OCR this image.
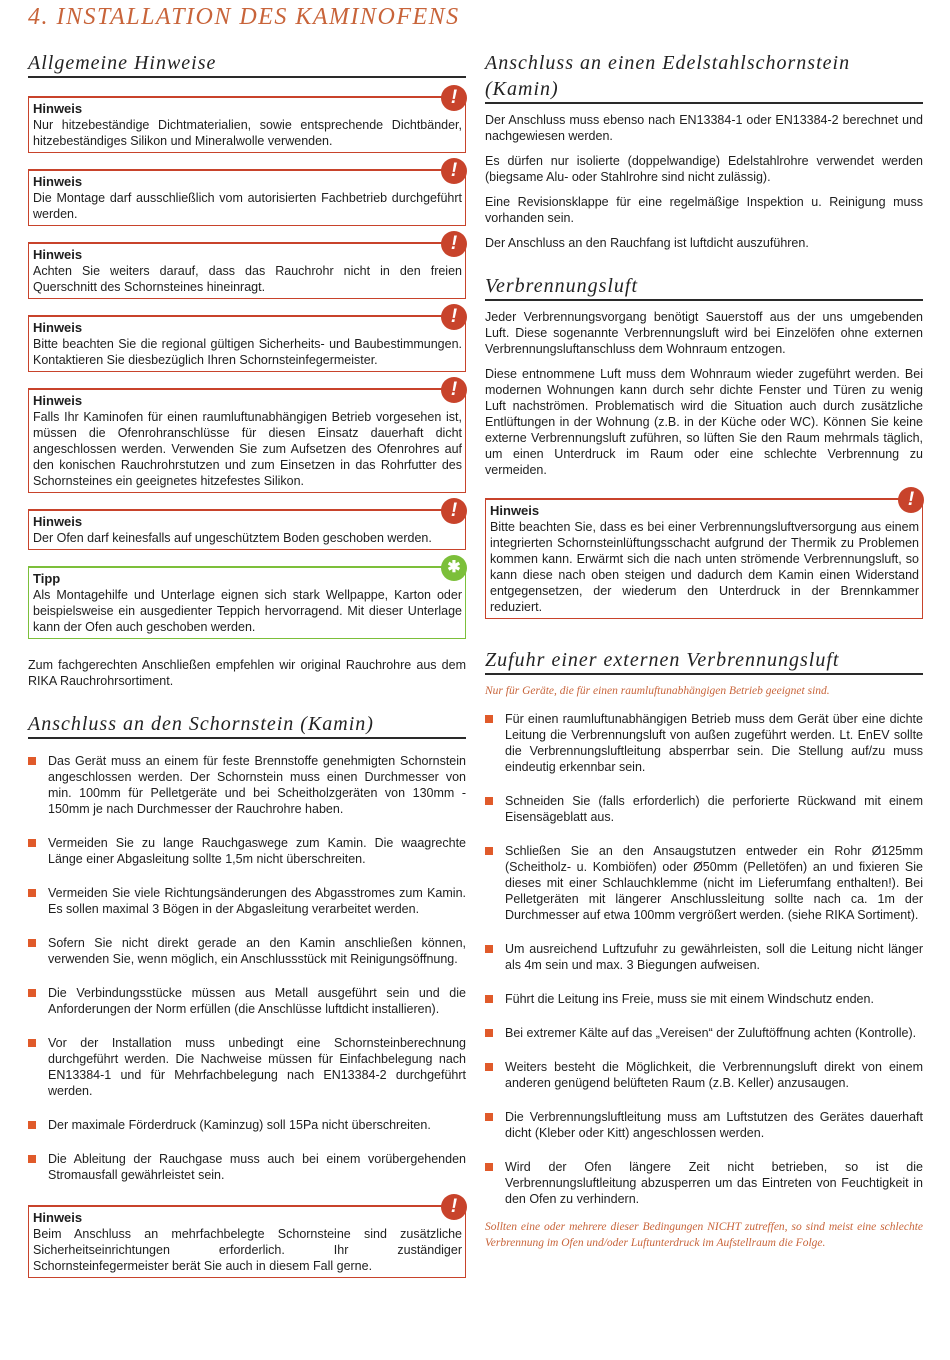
4. INSTALLATION DES KAMINOFENS
Allgemeine Hinweise
!
Hinweis
Nur hitzebeständige Dichtmaterialien, sowie entsprechende Dichtbänder, hitzebeständiges Silikon und Mineralwolle verwenden.
!
Hinweis
Die Montage darf ausschließlich vom autorisierten Fachbetrieb durchgeführt werden.
!
Hinweis
Achten Sie weiters darauf, dass das Rauchrohr nicht in den freien Querschnitt des Schornsteines hineinragt.
!
Hinweis
Bitte beachten Sie die regional gültigen Sicherheits- und Baubestimmungen. Kontaktieren Sie diesbezüglich Ihren Schornsteinfegermeister.
!
Hinweis
Falls Ihr Kaminofen für einen raumluftunabhängigen Betrieb vorgesehen ist, müssen die Ofenrohranschlüsse für diesen Einsatz dauerhaft dicht angeschlossen werden. Verwenden Sie zum Aufsetzen des Ofenrohres auf den konischen Rauchrohrstutzen und zum Einsetzen in das Rohrfutter des Schornsteines ein geeignetes hitzefestes Silikon.
!
Hinweis
Der Ofen darf keinesfalls auf ungeschütztem Boden geschoben werden.
✱
Tipp
Als Montagehilfe und Unterlage eignen sich stark Wellpappe, Karton oder beispielsweise ein ausgedienter Teppich hervorragend. Mit dieser Unterlage kann der Ofen auch geschoben werden.

Zum fachgerechten Anschließen empfehlen wir original Rauchrohre aus dem RIKA Rauchrohrsortiment.

Anschluss an den Schornstein (Kamin)
Das Gerät muss an einem für feste Brennstoffe genehmigten Schornstein angeschlossen werden. Der Schornstein muss einen Durchmesser von min. 100mm für Pelletgeräte und bei Scheitholzgeräten von 130mm - 150mm je nach Durchmesser der Rauchrohre haben.
Vermeiden Sie zu lange Rauchgaswege zum Kamin. Die waagrechte Länge einer Abgasleitung sollte 1,5m nicht überschreiten.
Vermeiden Sie viele Richtungsänderungen des Abgasstromes zum Kamin. Es sollen maximal 3 Bögen in der Abgasleitung verarbeitet werden.
Sofern Sie nicht direkt gerade an den Kamin anschließen können, verwenden Sie, wenn möglich, ein Anschlussstück mit Reinigungsöffnung.
Die Verbindungsstücke müssen aus Metall ausgeführt sein und die Anforderungen der Norm erfüllen (die Anschlüsse luftdicht installieren).
Vor der Installation muss unbedingt eine Schornsteinberechnung durchgeführt werden. Die Nachweise müssen für Einfachbelegung nach EN13384-1 und für Mehrfachbelegung nach EN13384-2 durchgeführt werden.
Der maximale Förderdruck (Kaminzug) soll 15Pa nicht überschreiten.
Die Ableitung der Rauchgase muss auch bei einem vorübergehenden Stromausfall gewährleistet sein.
!
Hinweis
Beim Anschluss an mehrfachbelegte Schornsteine sind zusätzliche Sicherheitseinrichtungen erforderlich. Ihr zuständiger Schornsteinfegermeister berät Sie auch in diesem Fall gerne.
Anschluss an einen Edelstahlschornstein (Kamin)

Der Anschluss muss ebenso nach EN13384-1 oder EN13384-2 berechnet und nachgewiesen werden.

Es dürfen nur isolierte (doppelwandige) Edelstahlrohre verwendet werden (biegsame Alu- oder Stahlrohre sind nicht zulässig).

Eine Revisionsklappe für eine regelmäßige Inspektion u. Reinigung muss vorhanden sein.

Der Anschluss an den Rauchfang ist luftdicht auszuführen.

Verbrennungsluft

Jeder Verbrennungsvorgang benötigt Sauerstoff aus der uns umgebenden Luft. Diese sogenannte Verbrennungsluft wird bei Einzelöfen ohne externen Verbrennungsluftanschluss dem Wohnraum entzogen.

Diese entnommene Luft muss dem Wohnraum wieder zugeführt werden. Bei modernen Wohnungen kann durch sehr dichte Fenster und Türen zu wenig Luft nachströmen. Problematisch wird die Situation auch durch zusätzliche Entlüftungen in der Wohnung (z.B. in der Küche oder WC). Können Sie keine externe Verbrennungsluft zuführen, so lüften Sie den Raum mehrmals täglich, um einen Unterdruck im Raum oder eine schlechte Verbrennung zu vermeiden.

!
Hinweis
Bitte beachten Sie, dass es bei einer Verbrennungsluftversorgung aus einem integrierten Schornsteinlüftungsschacht aufgrund der Thermik zu Problemen kommen kann. Erwärmt sich die nach unten strömende Verbrennungsluft, so kann diese nach oben steigen und dadurch dem Kamin einen Widerstand entgegensetzen, der wiederum den Unterdruck in der Brennkammer reduziert.
Zufuhr einer externen Verbrennungsluft

Nur für Geräte, die für einen raumluftunabhängigen Betrieb geeignet sind.

Für einen raumluftunabhängigen Betrieb muss dem Gerät über eine dichte Leitung die Verbrennungsluft von außen zugeführt werden. Lt. EnEV sollte die Verbrennungsluftleitung absperrbar sein. Die Stellung auf/zu muss eindeutig erkennbar sein.
Schneiden Sie (falls erforderlich) die perforierte Rückwand mit einem Eisensägeblatt aus.
Schließen Sie an den Ansaugstutzen entweder ein Rohr Ø125mm (Scheitholz- u. Kombiöfen) oder Ø50mm (Pelletöfen) an und fixieren Sie dieses mit einer Schlauchklemme (nicht im Lieferumfang enthalten!). Bei Pelletgeräten mit längerer Anschlussleitung sollte nach ca. 1m der Durchmesser auf etwa 100mm vergrößert werden. (siehe RIKA Sortiment).
Um ausreichend Luftzufuhr zu gewährleisten, soll die Leitung nicht länger als 4m sein und max. 3 Biegungen aufweisen.
Führt die Leitung ins Freie, muss sie mit einem Windschutz enden.
Bei extremer Kälte auf das „Vereisen“ der Zuluftöffnung achten (Kontrolle).
Weiters besteht die Möglichkeit, die Verbrennungsluft direkt von einem anderen genügend belüfteten Raum (z.B. Keller) anzusaugen.
Die Verbrennungsluftleitung muss am Luftstutzen des Gerätes dauerhaft dicht (Kleber oder Kitt) angeschlossen werden.
Wird der Ofen längere Zeit nicht betrieben, so ist die Verbrennungsluftleitung abzusperren um das Eintreten von Feuchtigkeit in den Ofen zu verhindern.

Sollten eine oder mehrere dieser Bedingungen NICHT zutreffen, so sind meist eine schlechte Verbrennung im Ofen und/oder Luftunterdruck im Aufstellraum die Folge.
